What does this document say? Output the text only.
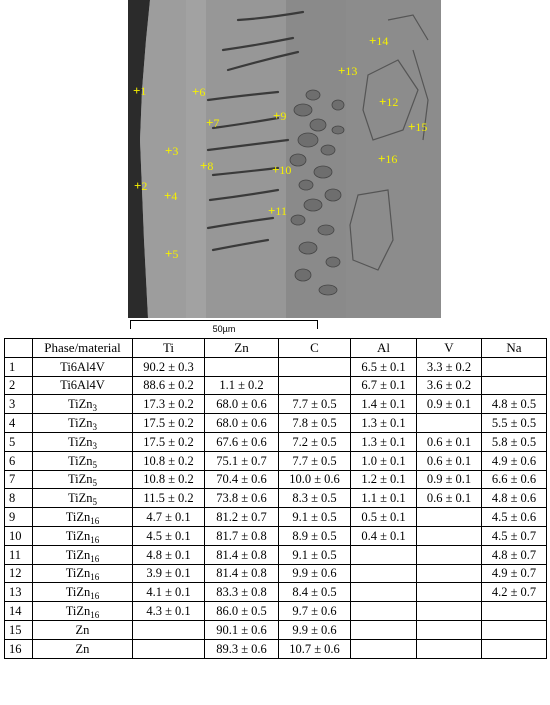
+1
+2
+3
+4
+5
+6
+7
+8
+9
+10
+11
+12
+13
+14
+15
+16
50µm
	Phase/material	Ti	Zn	C	Al	V	Na
1	Ti6Al4V	90.2 ± 0.3			6.5 ± 0.1	3.3 ± 0.2	
2	Ti6Al4V	88.6 ± 0.2	1.1 ± 0.2		6.7 ± 0.1	3.6 ± 0.2	
3	TiZn$_3$	17.3 ± 0.2	68.0 ± 0.6	7.7 ± 0.5	1.4 ± 0.1	0.9 ± 0.1	4.8 ± 0.5
4	TiZn$_3$	17.5 ± 0.2	68.0 ± 0.6	7.8 ± 0.5	1.3 ± 0.1		5.5 ± 0.5
5	TiZn$_3$	17.5 ± 0.2	67.6 ± 0.6	7.2 ± 0.5	1.3 ± 0.1	0.6 ± 0.1	5.8 ± 0.5
6	TiZn$_5$	10.8 ± 0.2	75.1 ± 0.7	7.7 ± 0.5	1.0 ± 0.1	0.6 ± 0.1	4.9 ± 0.6
7	TiZn$_5$	10.8 ± 0.2	70.4 ± 0.6	10.0 ± 0.6	1.2 ± 0.1	0.9 ± 0.1	6.6 ± 0.6
8	TiZn$_5$	11.5 ± 0.2	73.8 ± 0.6	8.3 ± 0.5	1.1 ± 0.1	0.6 ± 0.1	4.8 ± 0.6
9	TiZn$_{16}$	4.7 ± 0.1	81.2 ± 0.7	9.1 ± 0.5	0.5 ± 0.1		4.5 ± 0.6
10	TiZn$_{16}$	4.5 ± 0.1	81.7 ± 0.8	8.9 ± 0.5	0.4 ± 0.1		4.5 ± 0.7
11	TiZn$_{16}$	4.8 ± 0.1	81.4 ± 0.8	9.1 ± 0.5			4.8 ± 0.7
12	TiZn$_{16}$	3.9 ± 0.1	81.4 ± 0.8	9.9 ± 0.6			4.9 ± 0.7
13	TiZn$_{16}$	4.1 ± 0.1	83.3 ± 0.8	8.4 ± 0.5			4.2 ± 0.7
14	TiZn$_{16}$	4.3 ± 0.1	86.0 ± 0.5	9.7 ± 0.6			
15	Zn		90.1 ± 0.6	9.9 ± 0.6			
16	Zn		89.3 ± 0.6	10.7 ± 0.6			
